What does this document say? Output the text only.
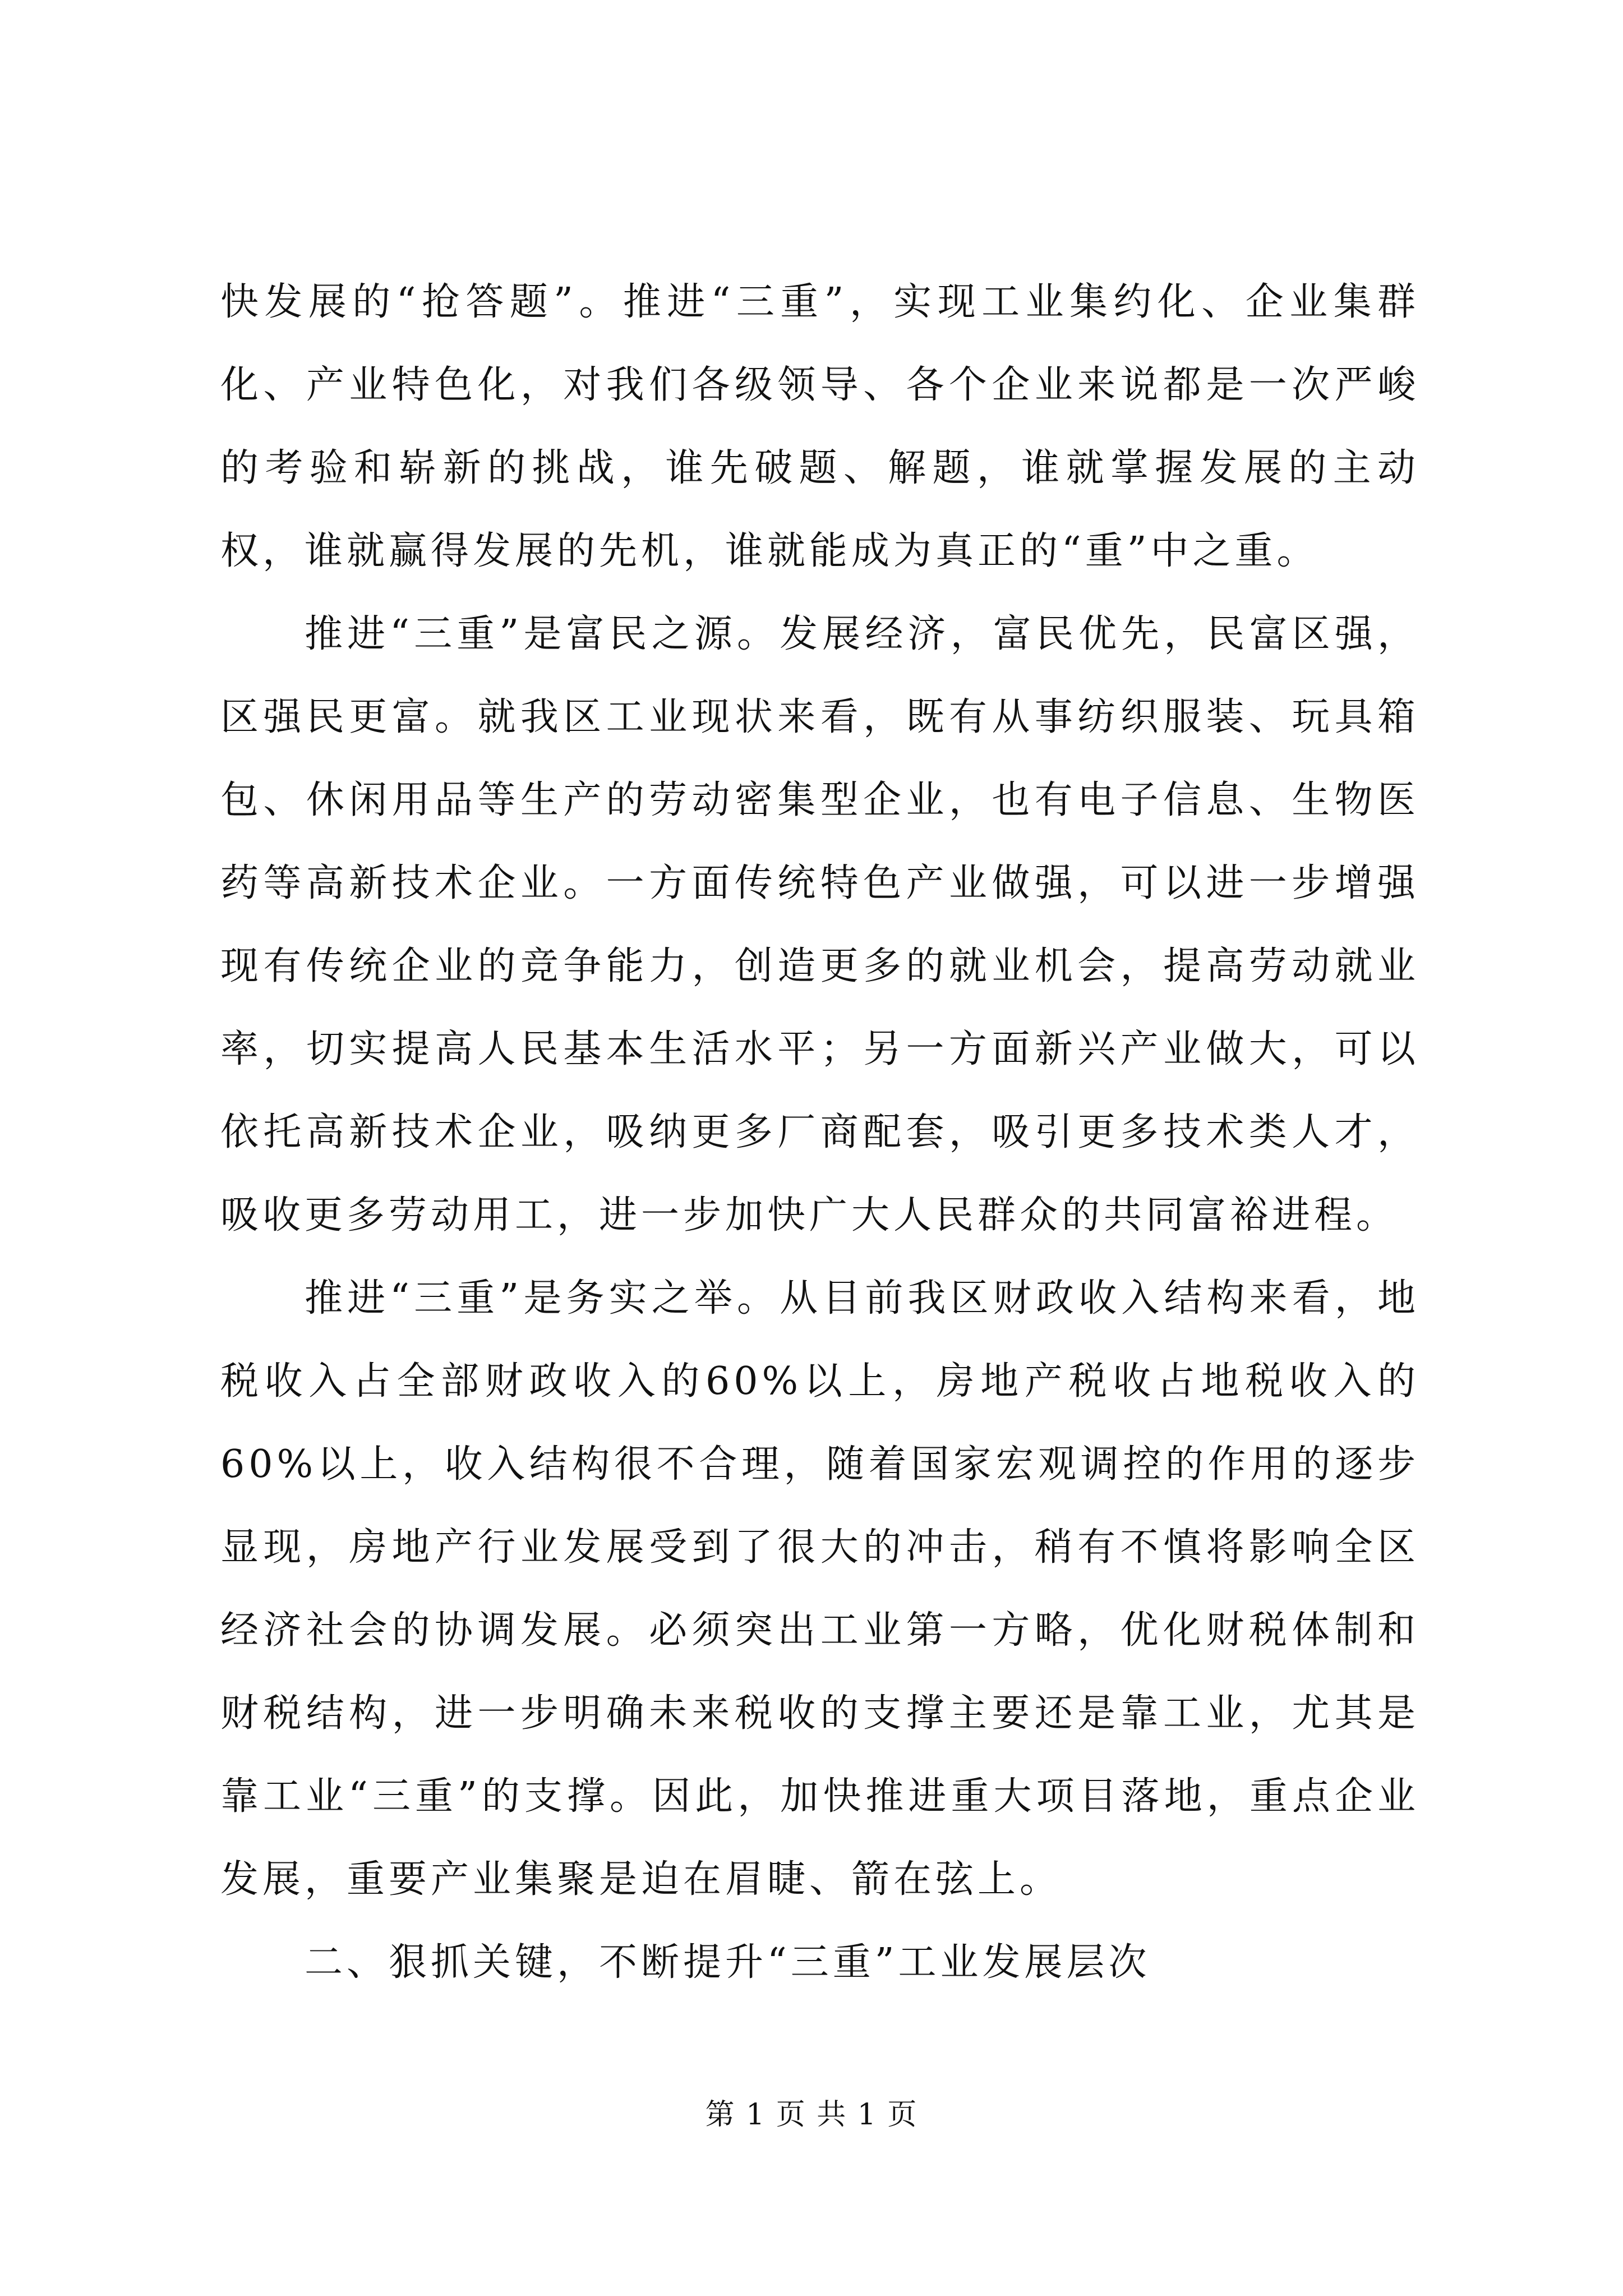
快发展的“抢答题”。推进“三重”，实现工业集约化、企业集群化、产业特色化，对我们各级领导、各个企业来说都是一次严峻的考验和崭新的挑战，谁先破题、解题，谁就掌握发展的主动权，谁就赢得发展的先机，谁就能成为真正的“重”中之重。

推进“三重”是富民之源。发展经济，富民优先，民富区强，区强民更富。就我区工业现状来看，既有从事纺织服装、玩具箱包、休闲用品等生产的劳动密集型企业，也有电子信息、生物医药等高新技术企业。一方面传统特色产业做强，可以进一步增强现有传统企业的竞争能力，创造更多的就业机会，提高劳动就业率，切实提高人民基本生活水平；另一方面新兴产业做大，可以依托高新技术企业，吸纳更多厂商配套，吸引更多技术类人才，吸收更多劳动用工，进一步加快广大人民群众的共同富裕进程。

推进“三重”是务实之举。从目前我区财政收入结构来看，地税收入占全部财政收入的60%以上，房地产税收占地税收入的60%以上，收入结构很不合理，随着国家宏观调控的作用的逐步显现，房地产行业发展受到了很大的冲击，稍有不慎将影响全区经济社会的协调发展。必须突出工业第一方略，优化财税体制和财税结构，进一步明确未来税收的支撑主要还是靠工业，尤其是靠工业“三重”的支撑。因此，加快推进重大项目落地，重点企业发展，重要产业集聚是迫在眉睫、箭在弦上。

二、狠抓关键，不断提升“三重”工业发展层次

第 1 页 共 1 页
